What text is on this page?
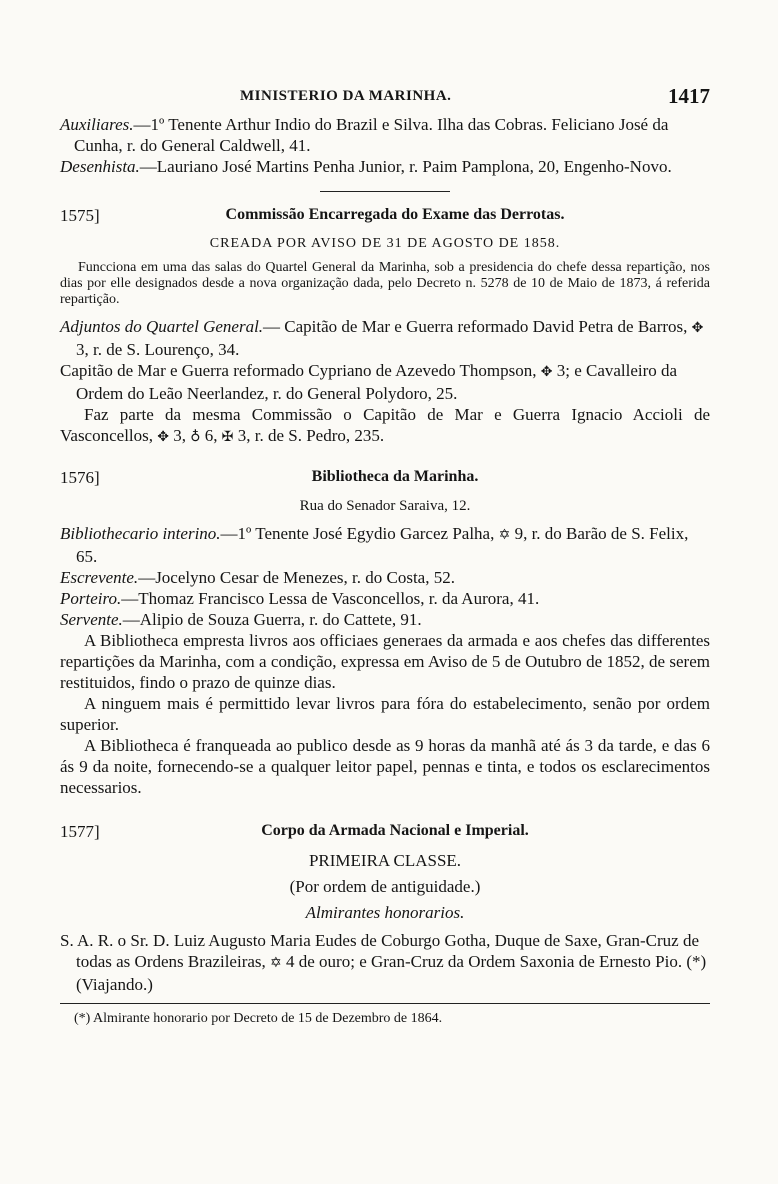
MINISTERIO DA MARINHA.	1417

Auxiliares.—1º Tenente Arthur Indio do Brazil e Silva. Ilha das Cobras. Feliciano José da Cunha, r. do General Caldwell, 41.

Desenhista.—Lauriano José Martins Penha Junior, r. Paim Pamplona, 20, Engenho-Novo.

1575]	Commissão Encarregada do Exame das Derrotas.

CREADA POR AVISO DE 31 DE AGOSTO DE 1858.

Funcciona em uma das salas do Quartel General da Marinha, sob a presidencia do chefe dessa repartição, nos dias por elle designados desde a nova organização dada, pelo Decreto n. 5278 de 10 de Maio de 1873, á referida repartição.

Adjuntos do Quartel General.— Capitão de Mar e Guerra reformado David Petra de Barros, ✥ 3, r. de S. Lourenço, 34.

Capitão de Mar e Guerra reformado Cypriano de Azevedo Thompson, ✥ 3; e Cavalleiro da Ordem do Leão Neerlandez, r. do General Polydoro, 25.

Faz parte da mesma Commissão o Capitão de Mar e Guerra Ignacio Accioli de Vasconcellos, ✥ 3, ♁ 6, ✠ 3, r. de S. Pedro, 235.

1576]	Bibliotheca da Marinha.

Rua do Senador Saraiva, 12.

Bibliothecario interino.—1º Tenente José Egydio Garcez Palha, ✡ 9, r. do Barão de S. Felix, 65.

Escrevente.—Jocelyno Cesar de Menezes, r. do Costa, 52.

Porteiro.—Thomaz Francisco Lessa de Vasconcellos, r. da Aurora, 41.

Servente.—Alipio de Souza Guerra, r. do Cattete, 91.

A Bibliotheca empresta livros aos officiaes generaes da armada e aos chefes das differentes repartições da Marinha, com a condição, expressa em Aviso de 5 de Outubro de 1852, de serem restituidos, findo o prazo de quinze dias.

A ninguem mais é permittido levar livros para fóra do estabelecimento, senão por ordem superior.

A Bibliotheca é franqueada ao publico desde as 9 horas da manhã até ás 3 da tarde, e das 6 ás 9 da noite, fornecendo-se a qualquer leitor papel, pennas e tinta, e todos os esclarecimentos necessarios.

1577]	Corpo da Armada Nacional e Imperial.

PRIMEIRA CLASSE.

(Por ordem de antiguidade.)

Almirantes honorarios.

S. A. R. o Sr. D. Luiz Augusto Maria Eudes de Coburgo Gotha, Duque de Saxe, Gran-Cruz de todas as Ordens Brazileiras, ✡ 4 de ouro; e Gran-Cruz da Ordem Saxonia de Ernesto Pio. (*) (Viajando.)

(*) Almirante honorario por Decreto de 15 de Dezembro de 1864.
